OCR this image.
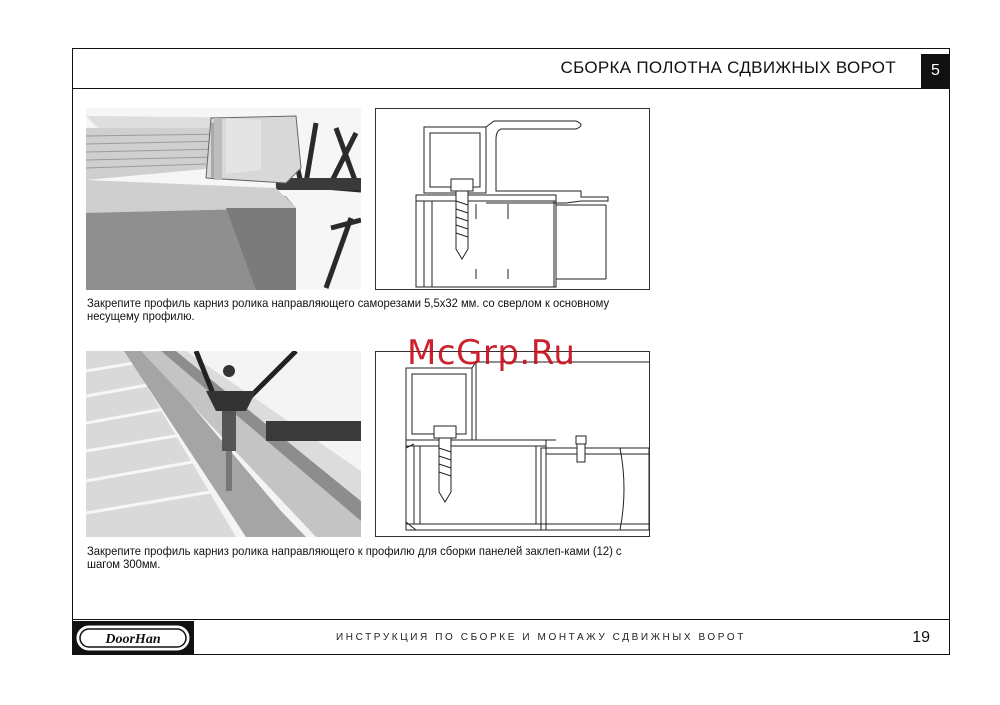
СБОРКА ПОЛОТНА СДВИЖНЫХ ВОРОТ	5
Закрепите профиль карниз ролика направляющего саморезами 5,5х32 мм. со сверлом к основному несущему профилю.
Закрепите профиль карниз ролика направляющего к профилю для сборки панелей заклеп-ками (12) с шагом 300мм.
McGrp.Ru
DoorHan	ИНСТРУКЦИЯ ПО СБОРКЕ И МОНТАЖУ СДВИЖНЫХ ВОРОТ	19
